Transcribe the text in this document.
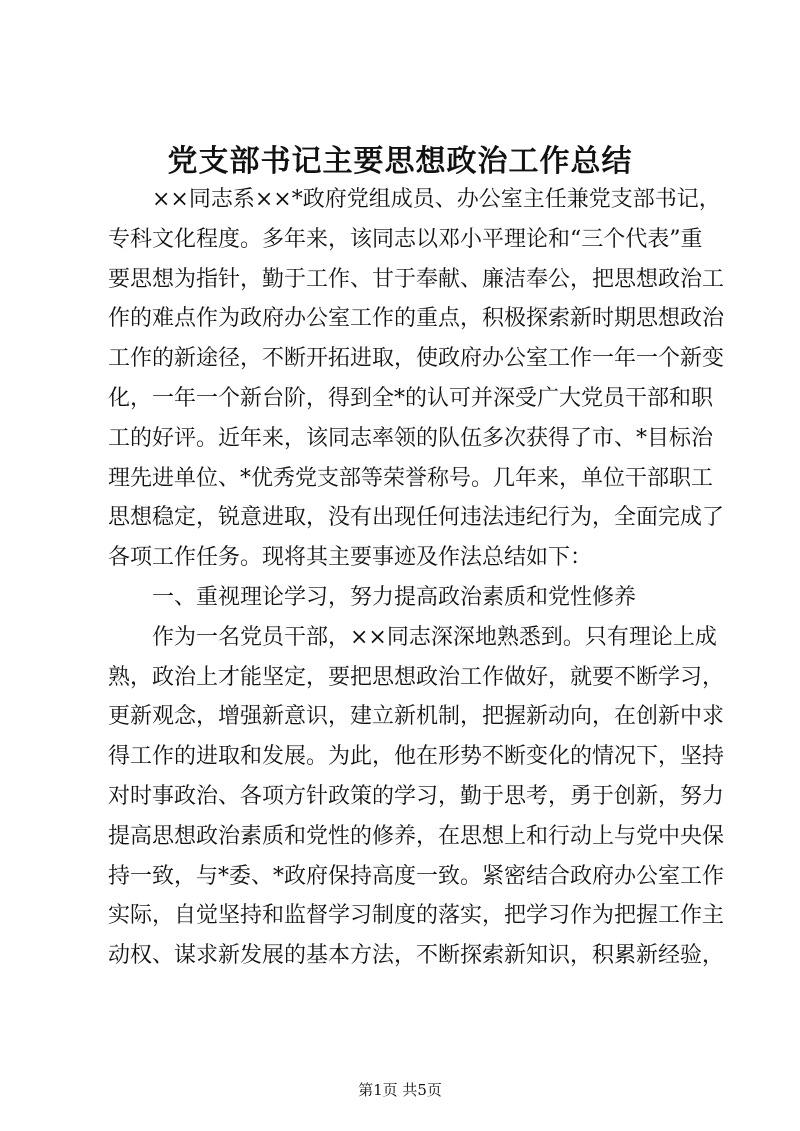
党支部书记主要思想政治工作总结
××同志系××*政府党组成员、办公室主任兼党支部书记，
专科文化程度。多年来，该同志以邓小平理论和“三个代表”重
要思想为指针，勤于工作、甘于奉献、廉洁奉公，把思想政治工
作的难点作为政府办公室工作的重点，积极探索新时期思想政治
工作的新途径，不断开拓进取，使政府办公室工作一年一个新变
化，一年一个新台阶，得到全*的认可并深受广大党员干部和职
工的好评。近年来，该同志率领的队伍多次获得了市、*目标治
理先进单位、*优秀党支部等荣誉称号。几年来，单位干部职工
思想稳定，锐意进取，没有出现任何违法违纪行为，全面完成了
各项工作任务。现将其主要事迹及作法总结如下：
一、重视理论学习，努力提高政治素质和党性修养
作为一名党员干部，××同志深深地熟悉到。只有理论上成
熟，政治上才能坚定，要把思想政治工作做好，就要不断学习，
更新观念，增强新意识，建立新机制，把握新动向，在创新中求
得工作的进取和发展。为此，他在形势不断变化的情况下，坚持
对时事政治、各项方针政策的学习，勤于思考，勇于创新，努力
提高思想政治素质和党性的修养，在思想上和行动上与党中央保
持一致，与*委、*政府保持高度一致。紧密结合政府办公室工作
实际，自觉坚持和监督学习制度的落实，把学习作为把握工作主
动权、谋求新发展的基本方法，不断探索新知识，积累新经验，
第1页 共5页
